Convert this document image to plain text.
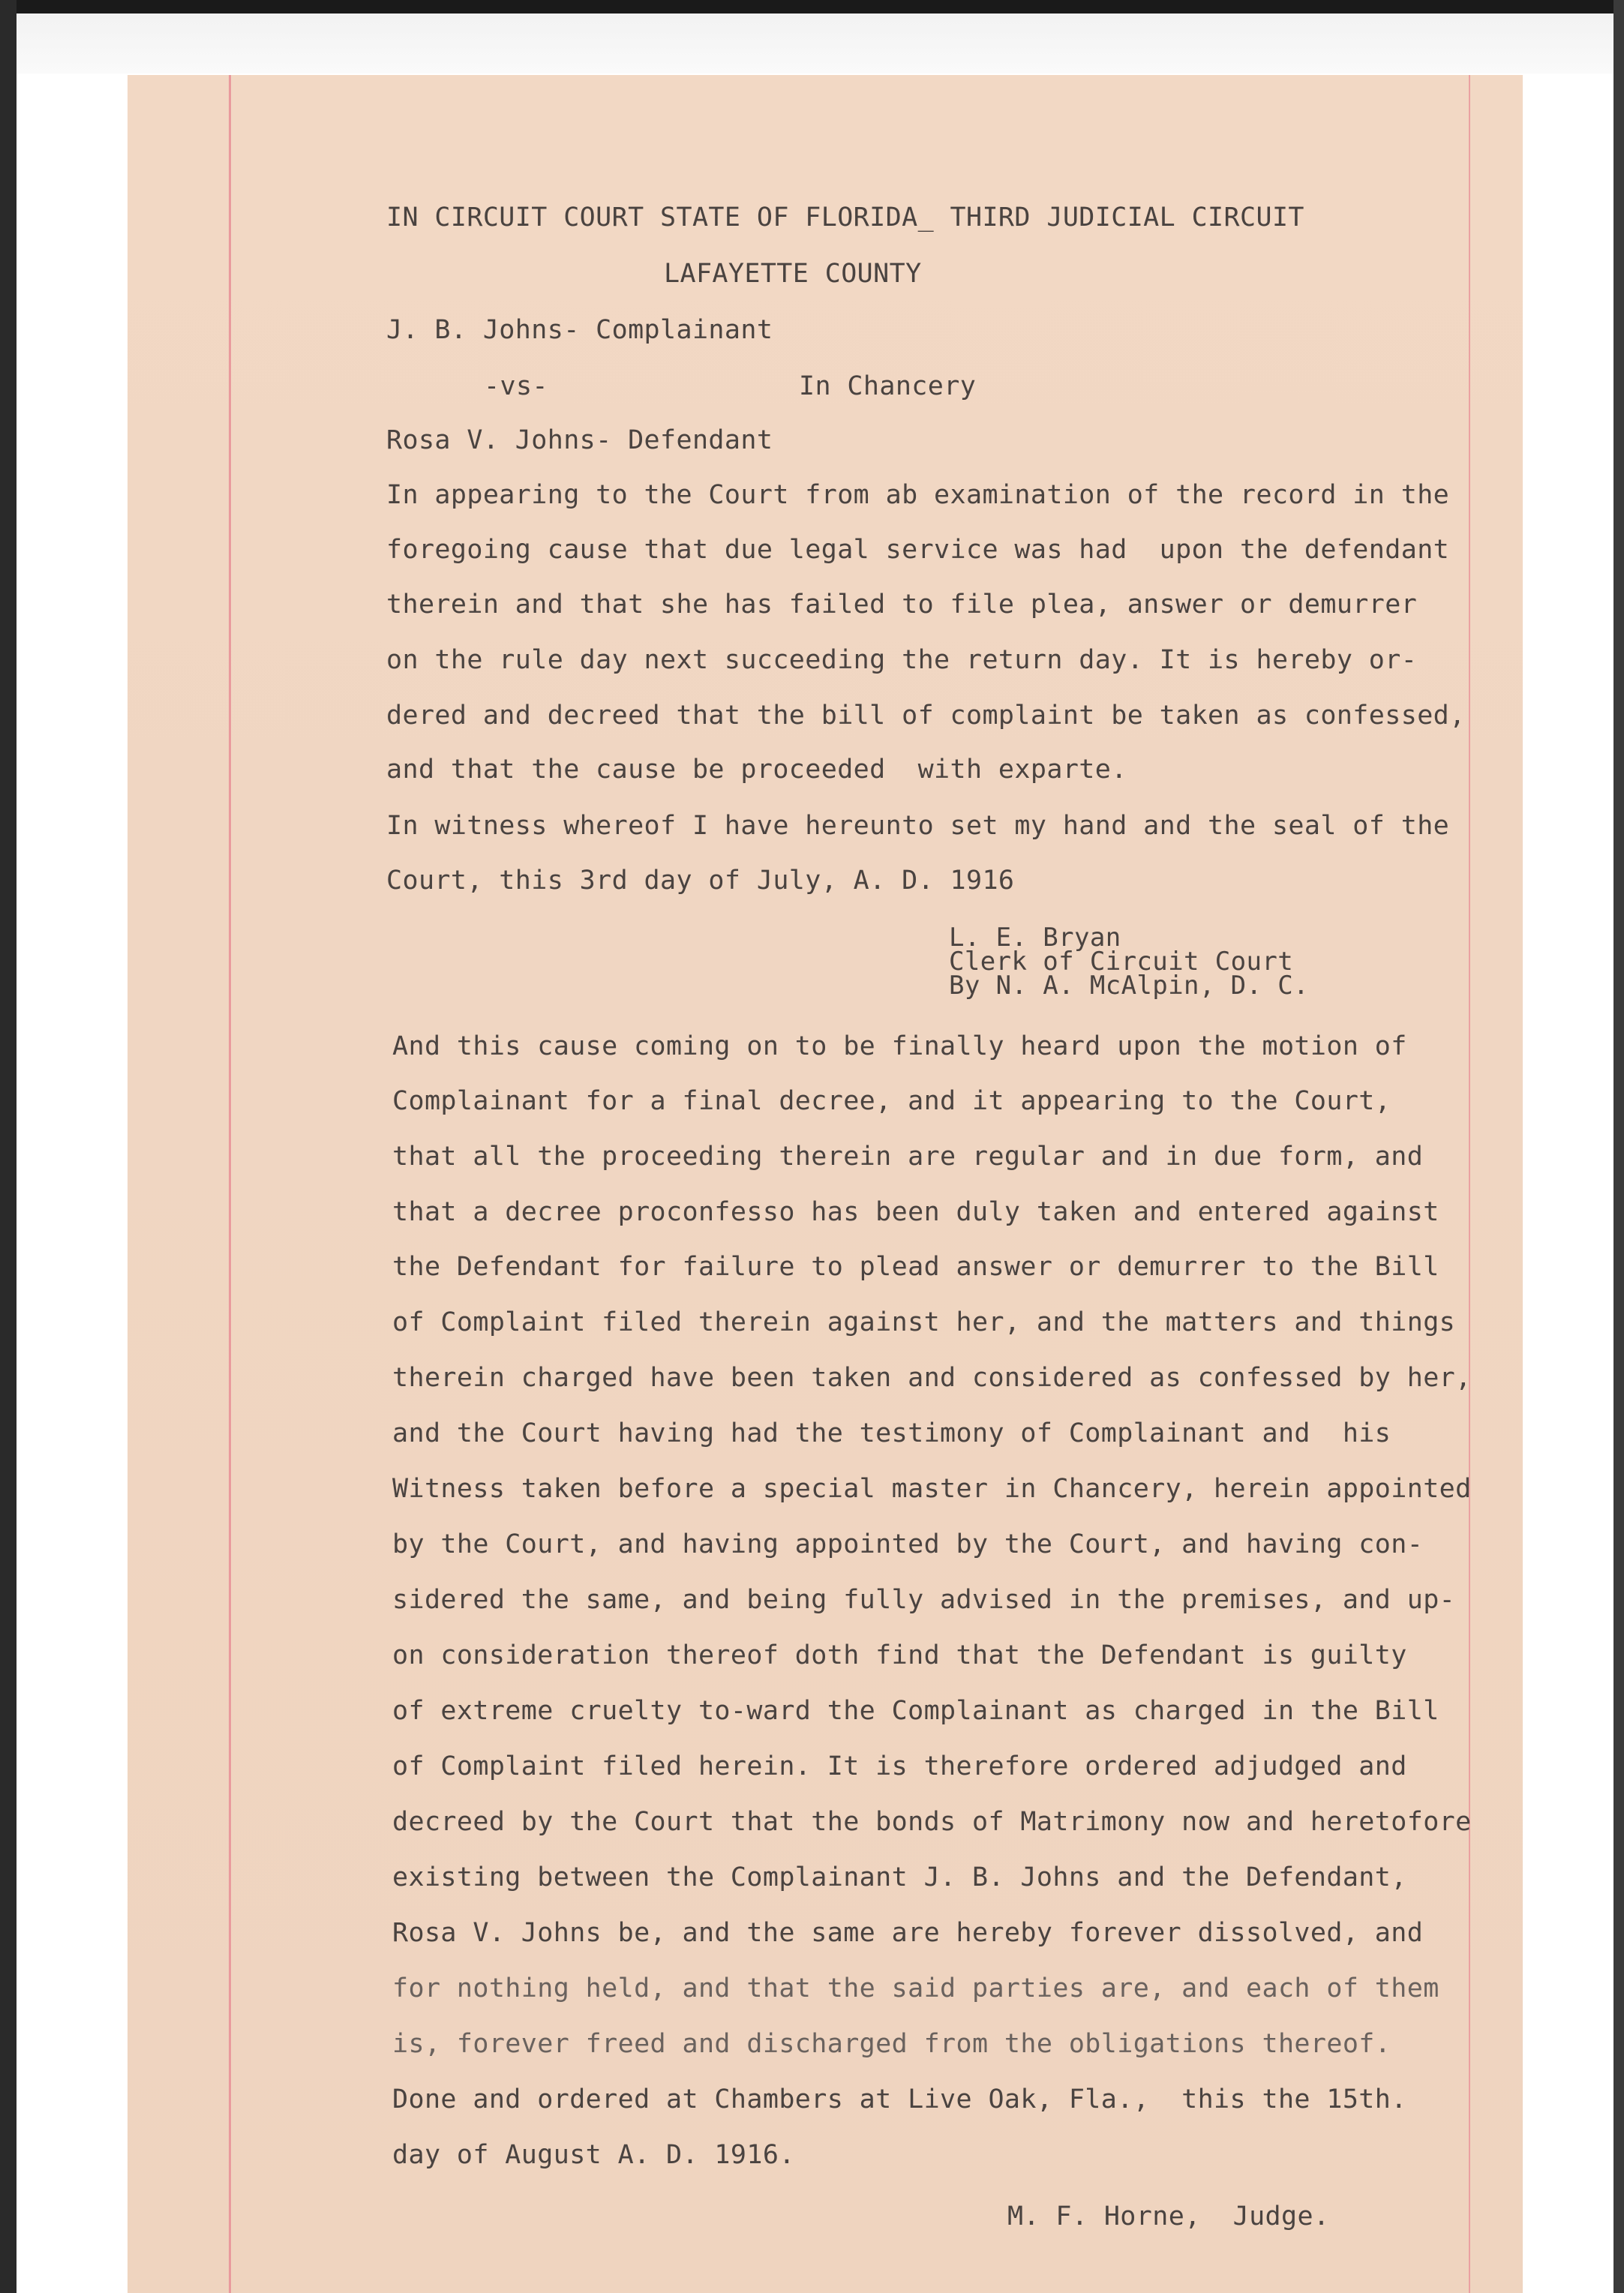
IN CIRCUIT COURT STATE OF FLORIDA_ THIRD JUDICIAL CIRCUIT

LAFAYETTE COUNTY

J. B. Johns- Complainant

-vs-	In Chancery

Rosa V. Johns- Defendant

In appearing to the Court from ab examination of the record in the

foregoing cause that due legal service was had  upon the defendant

therein and that she has failed to file plea, answer or demurrer

on the rule day next succeeding the return day. It is hereby or-

dered and decreed that the bill of complaint be taken as confessed,

and that the cause be proceeded  with exparte.

In witness whereof I have hereunto set my hand and the seal of the

Court, this 3rd day of July, A. D. 1916

L. E. Bryan

Clerk of Circuit Court

By N. A. McAlpin, D. C.

And this cause coming on to be finally heard upon the motion of

Complainant for a final decree, and it appearing to the Court,

that all the proceeding therein are regular and in due form, and

that a decree proconfesso has been duly taken and entered against

the Defendant for failure to plead answer or demurrer to the Bill

of Complaint filed therein against her, and the matters and things

therein charged have been taken and considered as confessed by her,

and the Court having had the testimony of Complainant and  his

Witness taken before a special master in Chancery, herein appointed

by the Court, and having appointed by the Court, and having con-

sidered the same, and being fully advised in the premises, and up-

on consideration thereof doth find that the Defendant is guilty

of extreme cruelty to-ward the Complainant as charged in the Bill

of Complaint filed herein. It is therefore ordered adjudged and

decreed by the Court that the bonds of Matrimony now and heretofore

existing between the Complainant J. B. Johns and the Defendant,

Rosa V. Johns be, and the same are hereby forever dissolved, and

for nothing held, and that the said parties are, and each of them

is, forever freed and discharged from the obligations thereof.

Done and ordered at Chambers at Live Oak, Fla.,  this the 15th.

day of August A. D. 1916.

M. F. Horne,  Judge.
